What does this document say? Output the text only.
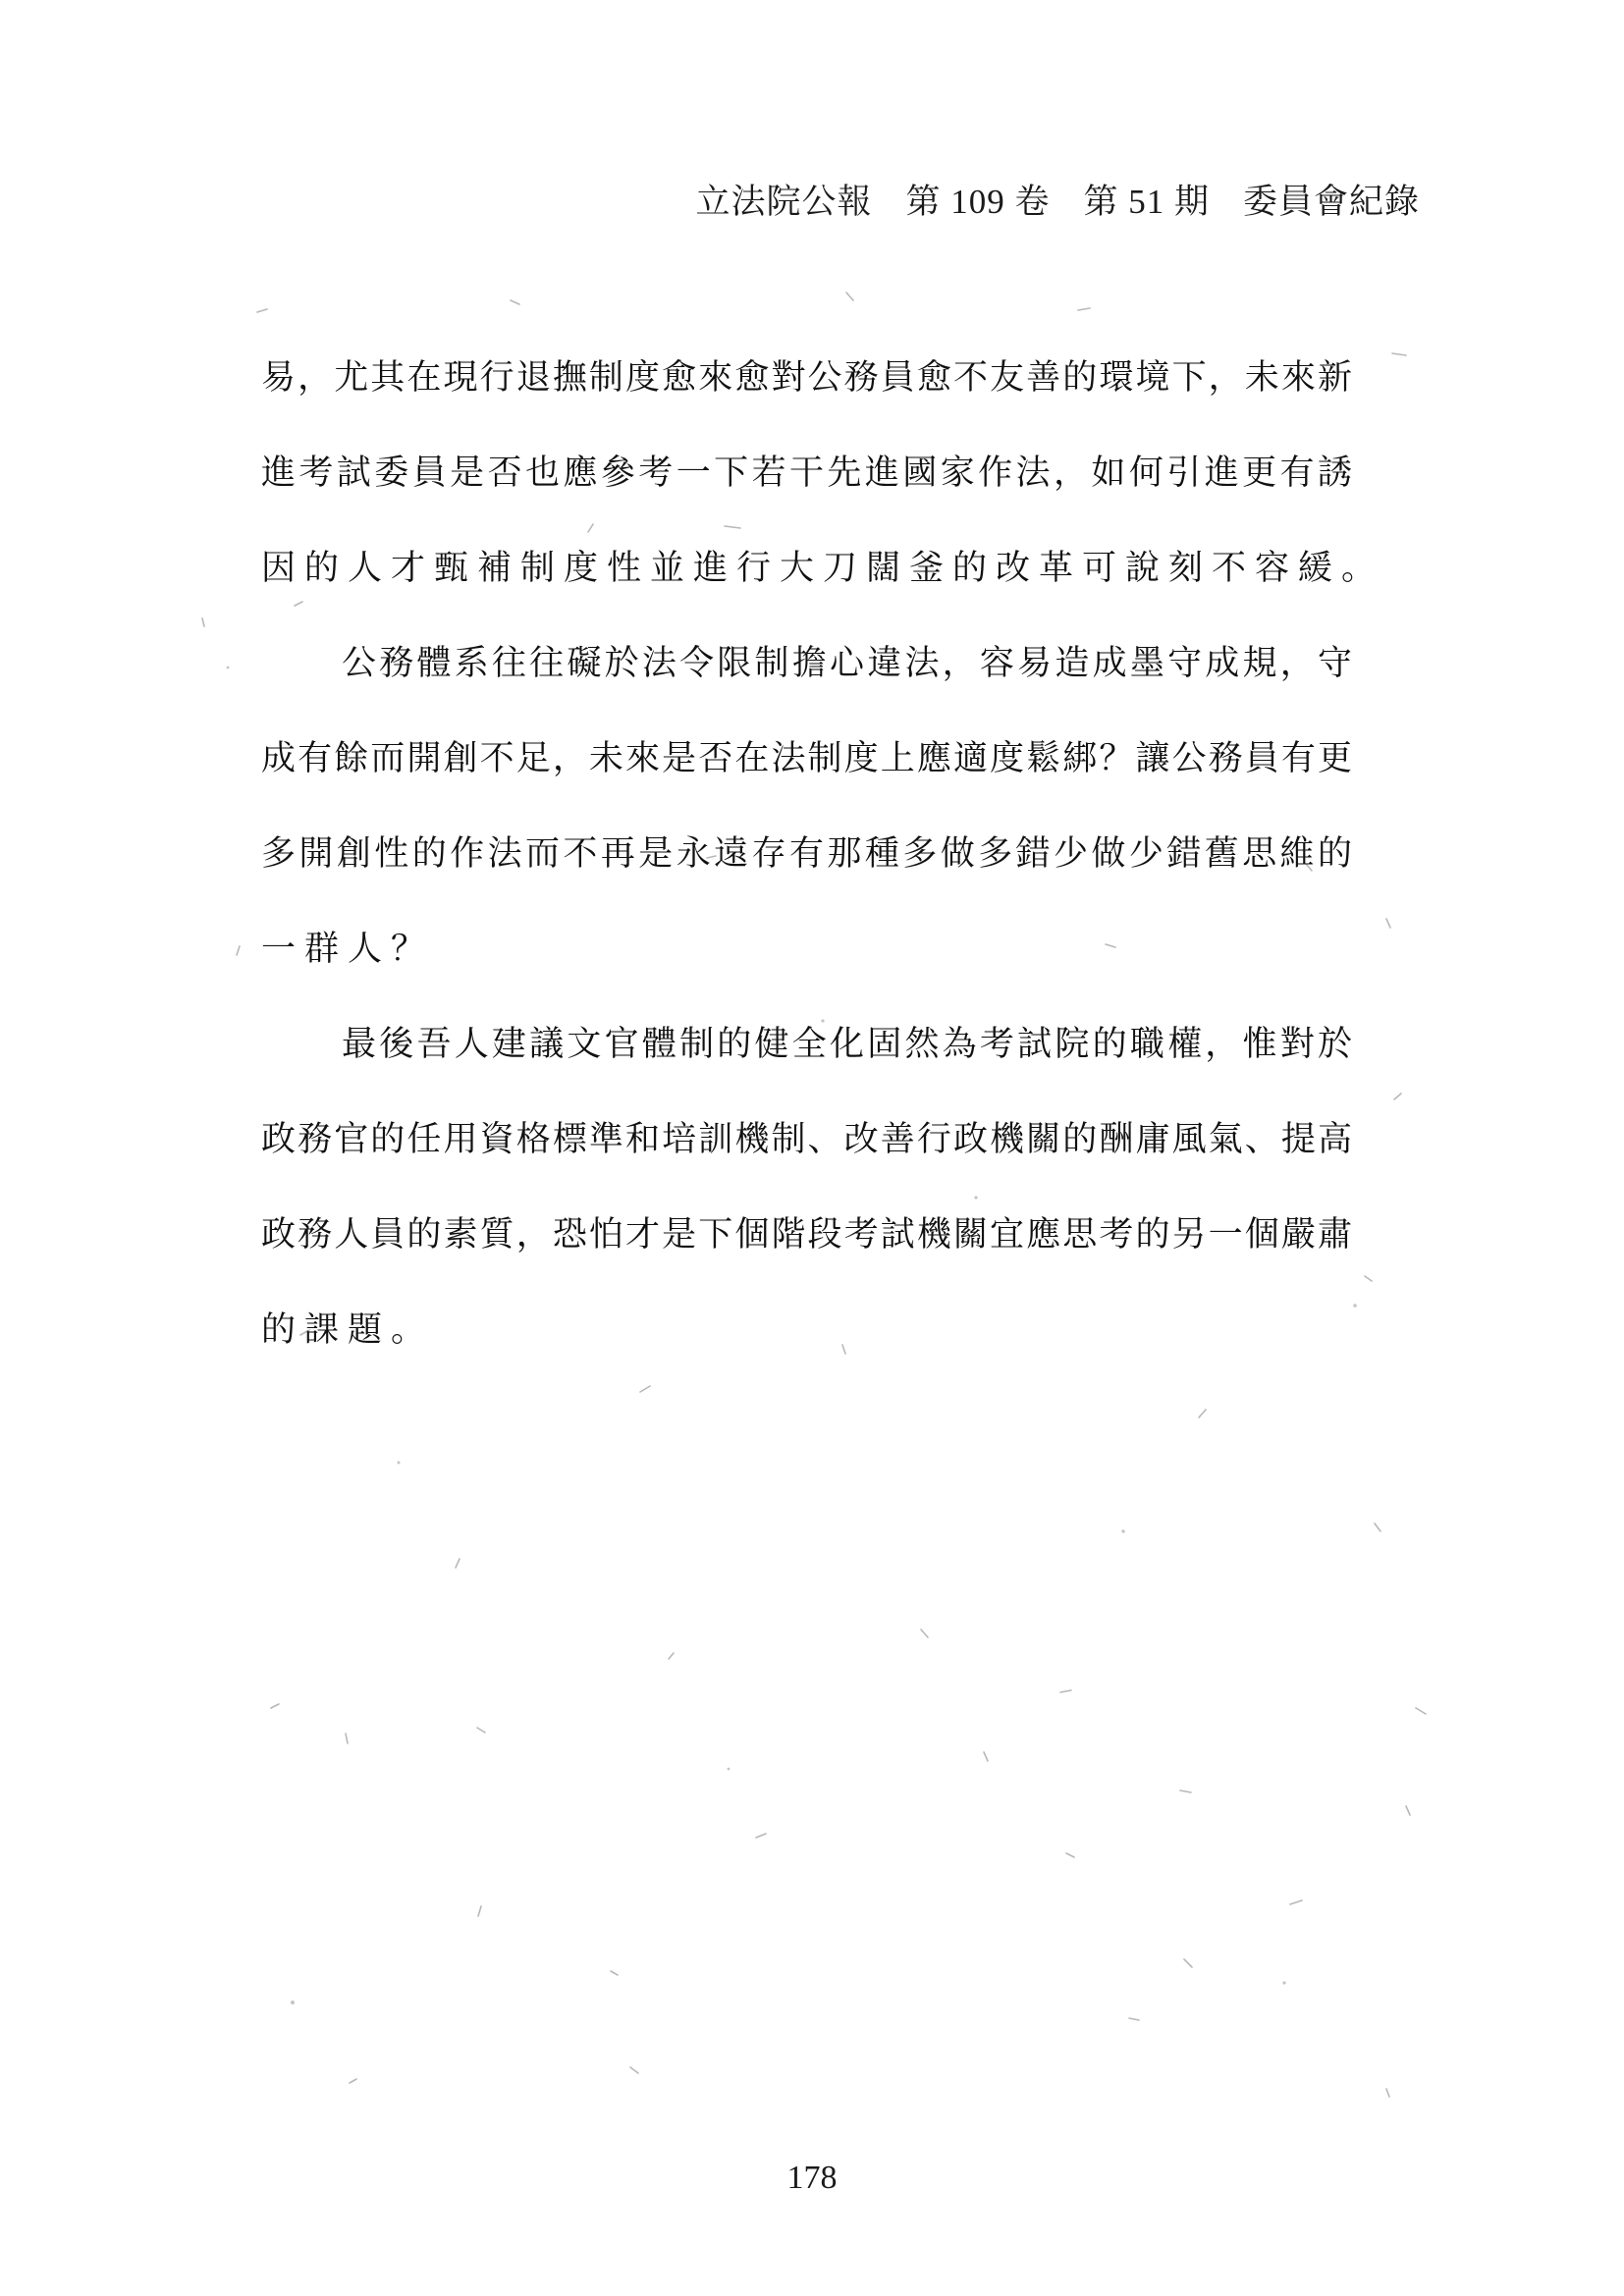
立法院公報 第 109 卷 第 51 期 委員會紀錄
易，尤其在現行退撫制度愈來愈對公務員愈不友善的環境下，未來新
進考試委員是否也應參考一下若干先進國家作法，如何引進更有誘
因的人才甄補制度性並進行大刀闊釜的改革可說刻不容緩。
公務體系往往礙於法令限制擔心違法，容易造成墨守成規，守
成有餘而開創不足，未來是否在法制度上應適度鬆綁？讓公務員有更
多開創性的作法而不再是永遠存有那種多做多錯少做少錯舊思維的
一群人？
最後吾人建議文官體制的健全化固然為考試院的職權，惟對於
政務官的任用資格標準和培訓機制、改善行政機關的酬庸風氣、提高
政務人員的素質，恐怕才是下個階段考試機關宜應思考的另一個嚴肅
的課題。
178
